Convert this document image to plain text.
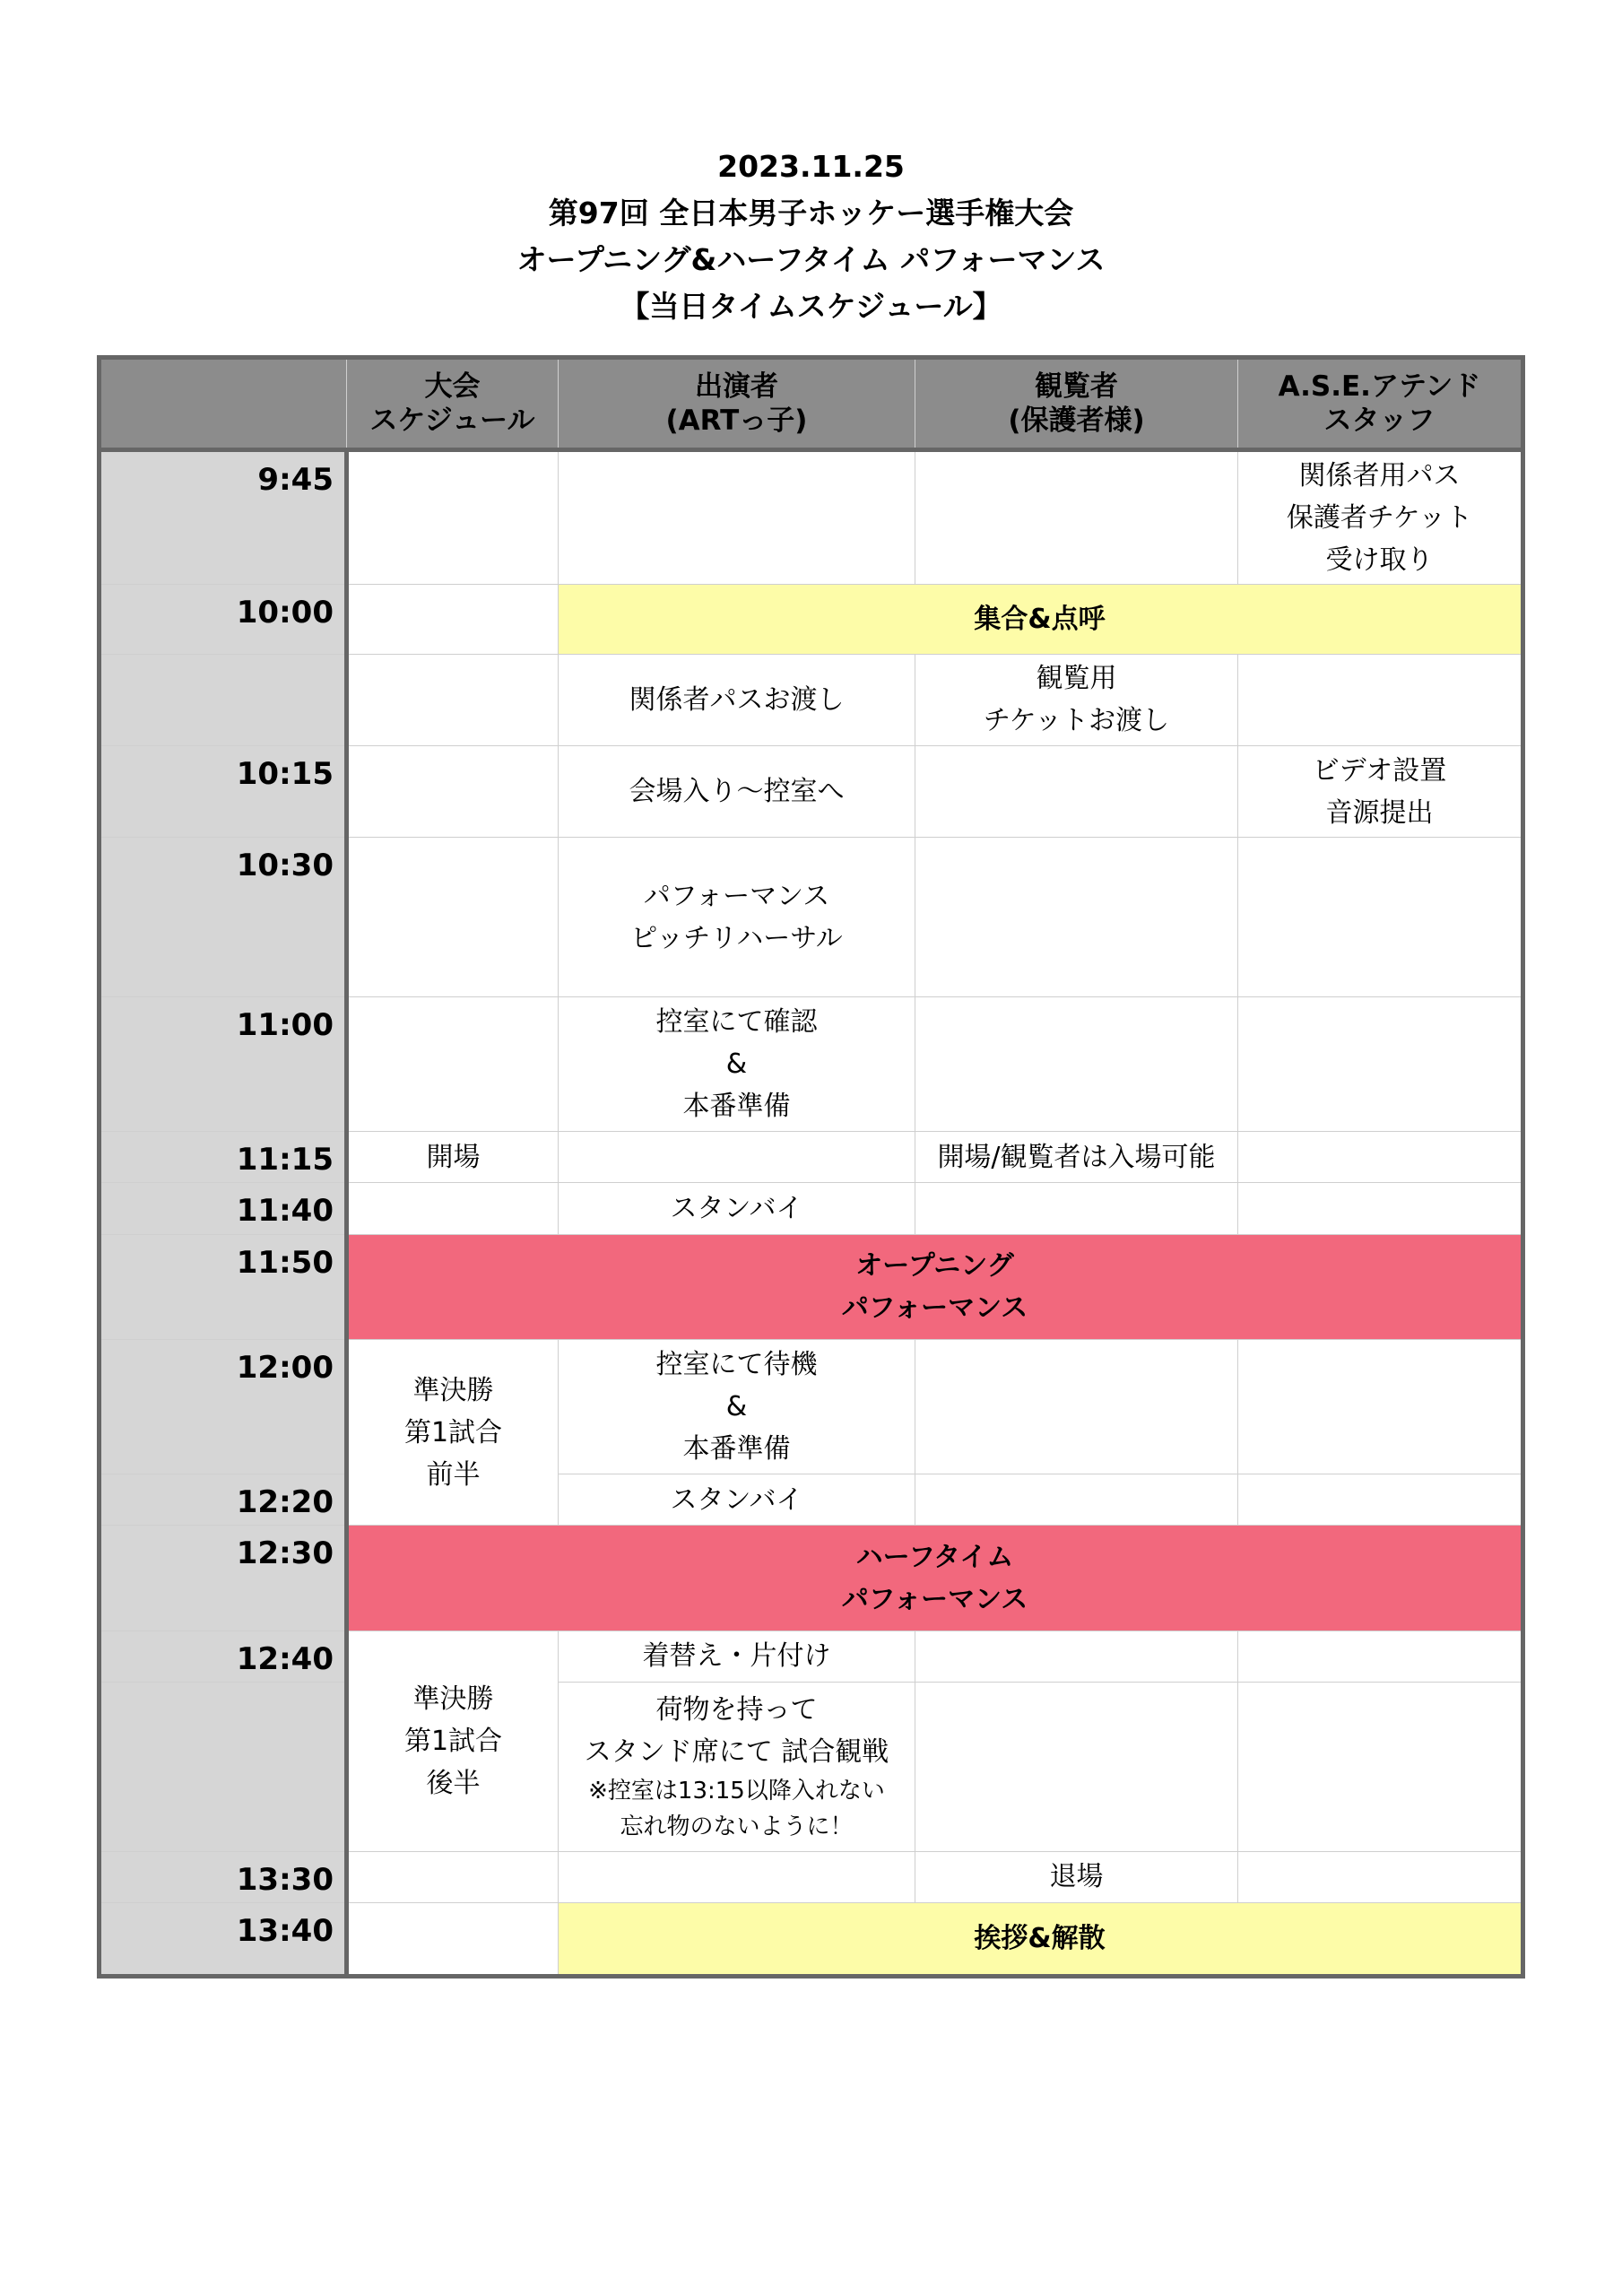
2023.11.25
第97回 全日本男子ホッケー選手権大会
オープニング&ハーフタイム パフォーマンス
【当日タイムスケジュール】

	大会
スケジュール	出演者
(ARTっ子)	観覧者
(保護者様)	A.S.E.アテンド
スタッフ

9:45				関係者用パス
保護者チケット
受け取り

10:00		集合&点呼		
		関係者パスお渡し	観覧用
チケットお渡し	

10:15		会場入り〜控室へ		ビデオ設置
音源提出

10:30		パフォーマンス
ピッチリハーサル		

11:00		控室にて確認
&
本番準備		

11:15	開場		開場/観覧者は入場可能	
11:40		スタンバイ		
11:50	オープニング
パフォーマンス			

12:00	準決勝
第1試合
前半	控室にて待機
&
本番準備		

12:20		スタンバイ		
12:30	ハーフタイム
パフォーマンス			

12:40	準決勝
第1試合
後半	着替え・片付け		

		荷物を持って
スタンド席にて 試合観戦
※控室は13:15以降入れない
忘れ物のないように！		

13:30			退場	
13:40		挨拶&解散		
